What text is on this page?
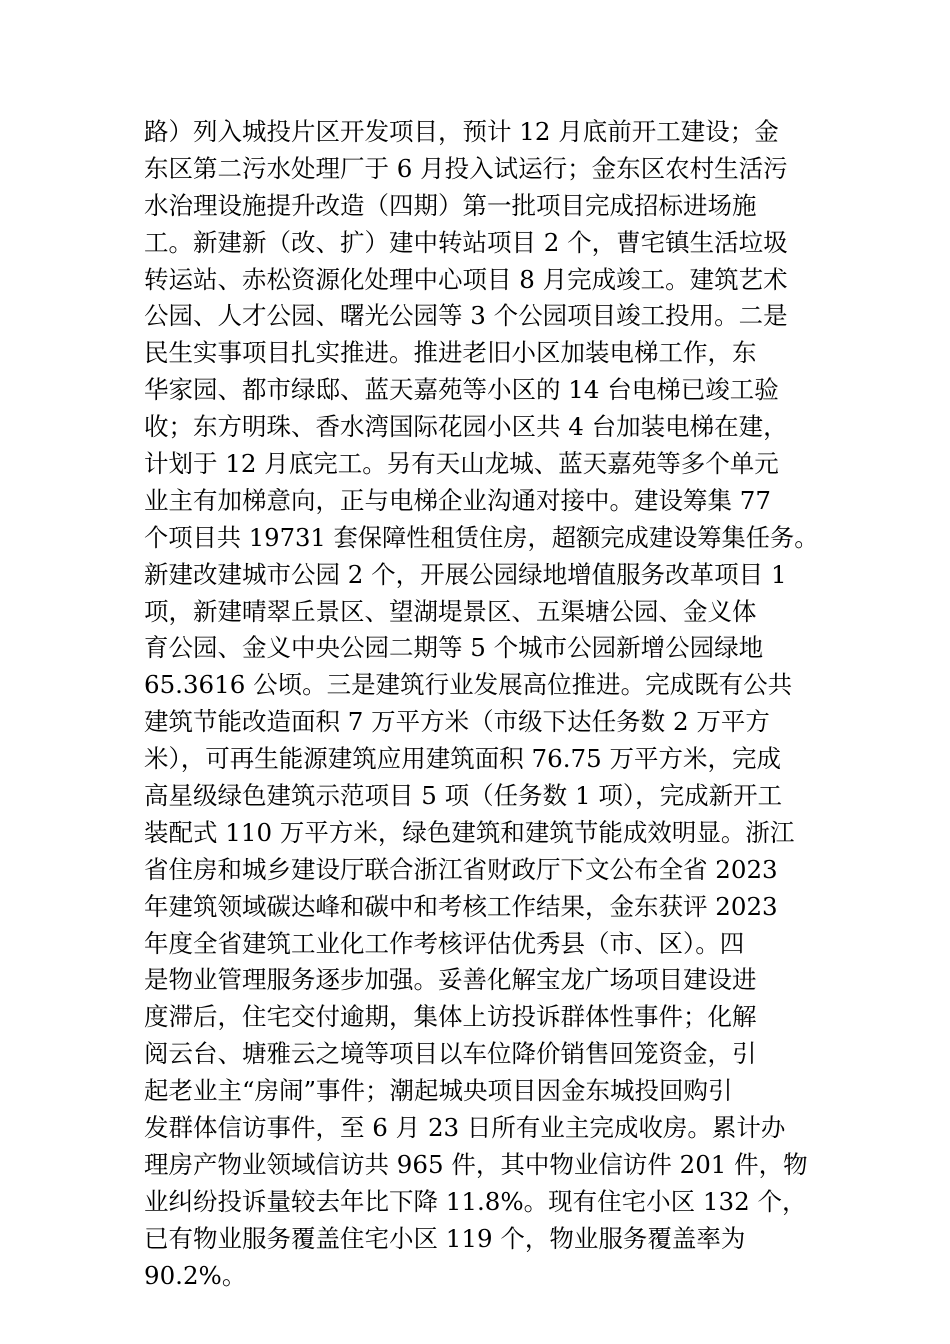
路）列入城投片区开发项目，预计 12 月底前开工建设；金
东区第二污水处理厂于 6 月投入试运行；金东区农村生活污
水治理设施提升改造（四期）第一批项目完成招标进场施
工。新建新（改、扩）建中转站项目 2 个，曹宅镇生活垃圾
转运站、赤松资源化处理中心项目 8 月完成竣工。建筑艺术
公园、人才公园、曙光公园等 3 个公园项目竣工投用。二是
民生实事项目扎实推进。推进老旧小区加装电梯工作，东
华家园、都市绿邸、蓝天嘉苑等小区的 14 台电梯已竣工验
收；东方明珠、香水湾国际花园小区共 4 台加装电梯在建，
计划于 12 月底完工。另有天山龙城、蓝天嘉苑等多个单元
业主有加梯意向，正与电梯企业沟通对接中。建设筹集 77
个项目共 19731 套保障性租赁住房，超额完成建设筹集任务。
新建改建城市公园 2 个，开展公园绿地增值服务改革项目 1
项，新建晴翠丘景区、望湖堤景区、五渠塘公园、金义体
育公园、金义中央公园二期等 5 个城市公园新增公园绿地
65.3616 公顷。三是建筑行业发展高位推进。完成既有公共
建筑节能改造面积 7 万平方米（市级下达任务数 2 万平方
米），可再生能源建筑应用建筑面积 76.75 万平方米，完成
高星级绿色建筑示范项目 5 项（任务数 1 项），完成新开工
装配式 110 万平方米，绿色建筑和建筑节能成效明显。浙江
省住房和城乡建设厅联合浙江省财政厅下文公布全省 2023
年建筑领域碳达峰和碳中和考核工作结果，金东获评 2023
年度全省建筑工业化工作考核评估优秀县（市、区）。四
是物业管理服务逐步加强。妥善化解宝龙广场项目建设进
度滞后，住宅交付逾期，集体上访投诉群体性事件；化解
阅云台、塘雅云之境等项目以车位降价销售回笼资金，引
起老业主“房闹”事件；潮起城央项目因金东城投回购引
发群体信访事件，至 6 月 23 日所有业主完成收房。累计办
理房产物业领域信访共 965 件，其中物业信访件 201 件，物
业纠纷投诉量较去年比下降 11.8%。现有住宅小区 132 个，
已有物业服务覆盖住宅小区 119 个，物业服务覆盖率为
90.2%。
